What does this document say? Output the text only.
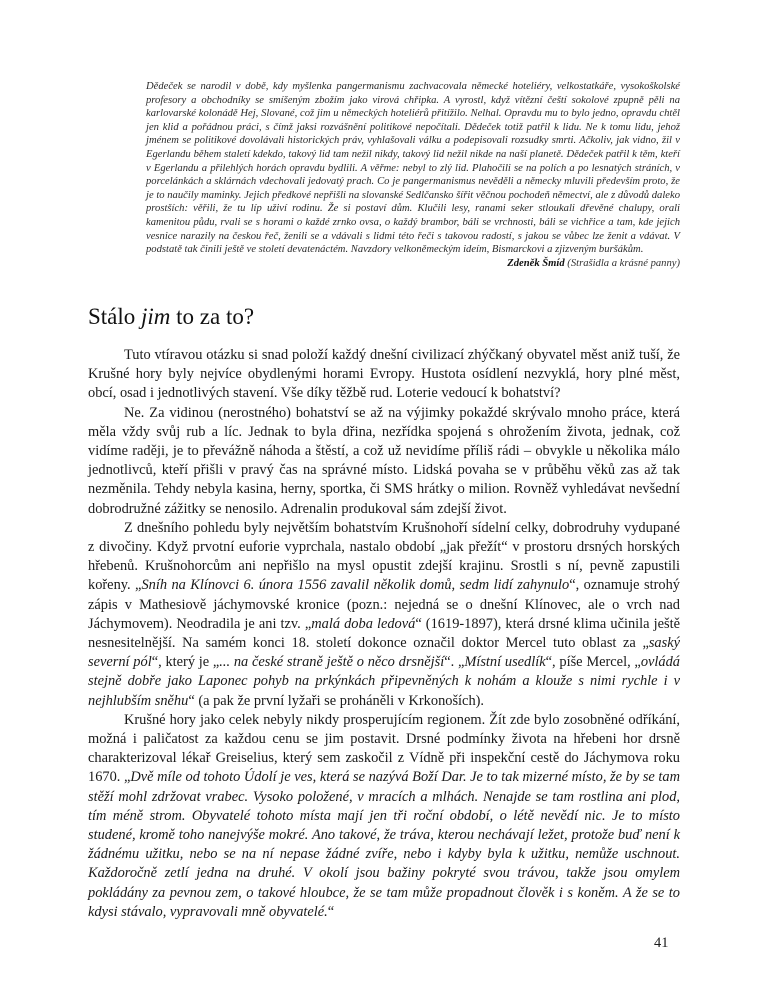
Dědeček se narodil v době, kdy myšlenka pangermanismu zachvacovala německé hoteliéry, velkostatkáře, vysokoškolské profesory a obchodníky se smíšeným zbožím jako virová chřipka. A vyrostl, když vítězní čeští sokolové zpupně pěli na karlovarské kolonádě Hej, Slované, což jim u německých hoteliérů přitížilo. Nelhal. Opravdu mu to bylo jedno, opravdu chtěl jen klid a pořádnou práci, s čímž jaksi rozvášnění politikové nepočítali. Dědeček totiž patřil k lidu. Ne k tomu lidu, jehož jménem se politikové dovolávali historických práv, vyhlašovali válku a podepisovali rozsudky smrti. Ačkoliv, jak vidno, žil v Egerlandu během staletí kdekdo, takový lid tam nežil nikdy, takový lid nežil nikde na naší planetě. Dědeček patřil k těm, kteří v Egerlandu a přilehlých horách opravdu bydlili. A věřme: nebyl to zlý lid. Plahočili se na polích a po lesnatých stráních, v porcelánkách a sklárnách vdechovali jedovatý prach. Co je pangermanismus nevěděli a německy mluvili především proto, že je to naučily maminky. Jejich předkové nepřišli na slovanské Sedlčansko šířit věčnou pochodeň němectví, ale z důvodů daleko prostších: věřili, že tu líp uživí rodinu. Že si postaví dům. Klučili lesy, ranami seker stloukali dřevěné chalupy, orali kamenitou půdu, rvali se s horami o každé zrnko ovsa, o každý brambor, báli se vrchnosti, báli se vichřice a tam, kde jejich vesnice narazily na českou řeč, ženili se a vdávali s lidmi této řeči s takovou radostí, s jakou se vůbec lze ženit a vdávat. V podstatě tak činili ještě ve století devatenáctém. Navzdory velkoněmeckým ideím, Bismarckovi a zjizveným buršákům.

Zdeněk Šmíd (Strašidla a krásné panny)

Stálo jim to za to?

Tuto vtíravou otázku si snad položí každý dnešní civilizací zhýčkaný obyvatel měst aniž tuší, že Krušné hory byly nejvíce obydlenými horami Evropy. Hustota osídlení nezvyklá, hory plné měst, obcí, osad i jednotlivých stavení. Vše díky těžbě rud. Loterie vedoucí k bohatství?

Ne. Za vidinou (nerostného) bohatství se až na výjimky pokaždé skrývalo mnoho práce, která měla vždy svůj rub a líc. Jednak to byla dřina, nezřídka spojená s ohrožením života, jednak, což vidíme raději, je to převážně náhoda a štěstí, a což už nevidíme příliš rádi – obvykle u několika málo jednotlivců, kteří přišli v pravý čas na správné místo. Lidská povaha se v průběhu věků zas až tak nezměnila. Tehdy nebyla kasina, herny, sportka, či SMS hrátky o milion. Rovněž vyhledávat nevšední dobrodružné zážitky se nenosilo. Adrenalin produkoval sám zdejší život.

Z dnešního pohledu byly největším bohatstvím Krušnohoří sídelní celky, dobrodruhy vydupané z divočiny. Když prvotní euforie vyprchala, nastalo období „jak přežít“ v prostoru drsných horských hřebenů. Krušnohorcům ani nepřišlo na mysl opustit zdejší krajinu. Srostli s ní, pevně zapustili kořeny. „Sníh na Klínovci 6. února 1556 zavalil několik domů, sedm lidí zahynulo“, oznamuje strohý zápis v Mathesiově jáchymovské kronice (pozn.: nejedná se o dnešní Klínovec, ale o vrch nad Jáchymovem). Neodradila je ani tzv. „malá doba ledová“ (1619-1897), která drsné klima učinila ještě nesnesitelnější. Na samém konci 18. století dokonce označil doktor Mercel tuto oblast za „saský severní pól“, který je „... na české straně ještě o něco drsnější“. „Místní usedlík“, píše Mercel, „ovládá stejně dobře jako Laponec pohyb na prkýnkách připevněných k nohám a klouže s nimi rychle i v nejhlubším sněhu“ (a pak že první lyžaři se proháněli v Krkonoších).

Krušné hory jako celek nebyly nikdy prosperujícím regionem. Žít zde bylo zosobněné odříkání, možná i paličatost za každou cenu se jim postavit. Drsné podmínky života na hřebeni hor drsně charakterizoval lékař Greiselius, který sem zaskočil z Vídně při inspekční cestě do Jáchymova roku 1670. „Dvě míle od tohoto Údolí je ves, která se nazývá Boží Dar. Je to tak mizerné místo, že by se tam stěží mohl zdržovat vrabec. Vysoko položené, v mracích a mlhách. Nenajde se tam rostlina ani plod, tím méně strom. Obyvatelé tohoto místa mají jen tři roční období, o létě nevědí nic. Je to místo studené, kromě toho nanejvýše mokré. Ano takové, že tráva, kterou nechávají ležet, protože buď není k žádnému užitku, nebo se na ní nepase žádné zvíře, nebo i kdyby byla k užitku, nemůže uschnout. Každoročně zetlí jedna na druhé. V okolí jsou bažiny pokryté svou trávou, takže jsou omylem pokládány za pevnou zem, o takové hloubce, že se tam může propadnout člověk i s koněm. A že se to kdysi stávalo, vypravovali mně obyvatelé.“

41
